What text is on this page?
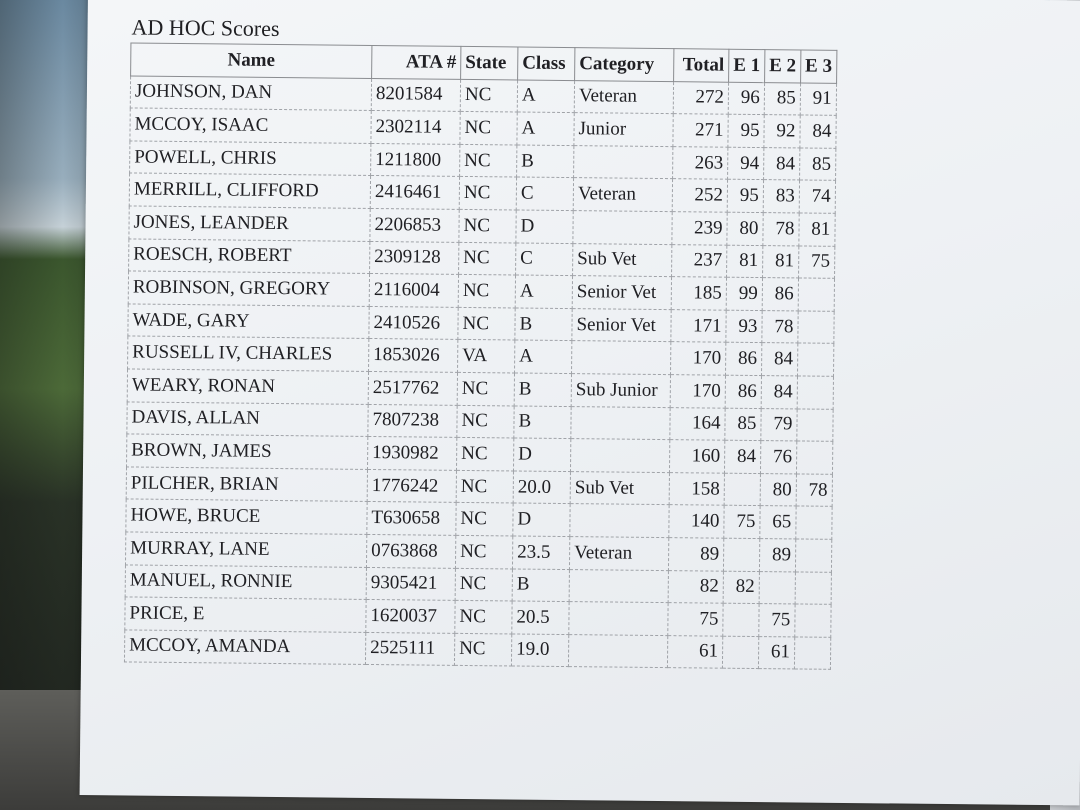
AD HOC Scores
Name	ATA #	State	Class	Category	Total	E 1	E 2	E 3
JOHNSON, DAN	8201584	NC	A	Veteran	272	96	85	91
MCCOY, ISAAC	2302114	NC	A	Junior	271	95	92	84
POWELL, CHRIS	1211800	NC	B		263	94	84	85
MERRILL, CLIFFORD	2416461	NC	C	Veteran	252	95	83	74
JONES, LEANDER	2206853	NC	D		239	80	78	81
ROESCH, ROBERT	2309128	NC	C	Sub Vet	237	81	81	75
ROBINSON, GREGORY	2116004	NC	A	Senior Vet	185	99	86	
WADE, GARY	2410526	NC	B	Senior Vet	171	93	78	
RUSSELL IV, CHARLES	1853026	VA	A		170	86	84	
WEARY, RONAN	2517762	NC	B	Sub Junior	170	86	84	
DAVIS, ALLAN	7807238	NC	B		164	85	79	
BROWN, JAMES	1930982	NC	D		160	84	76	
PILCHER, BRIAN	1776242	NC	20.0	Sub Vet	158		80	78
HOWE, BRUCE	T630658	NC	D		140	75	65	
MURRAY, LANE	0763868	NC	23.5	Veteran	89		89	
MANUEL, RONNIE	9305421	NC	B		82	82		
PRICE, E	1620037	NC	20.5		75		75	
MCCOY, AMANDA	2525111	NC	19.0		61		61	
